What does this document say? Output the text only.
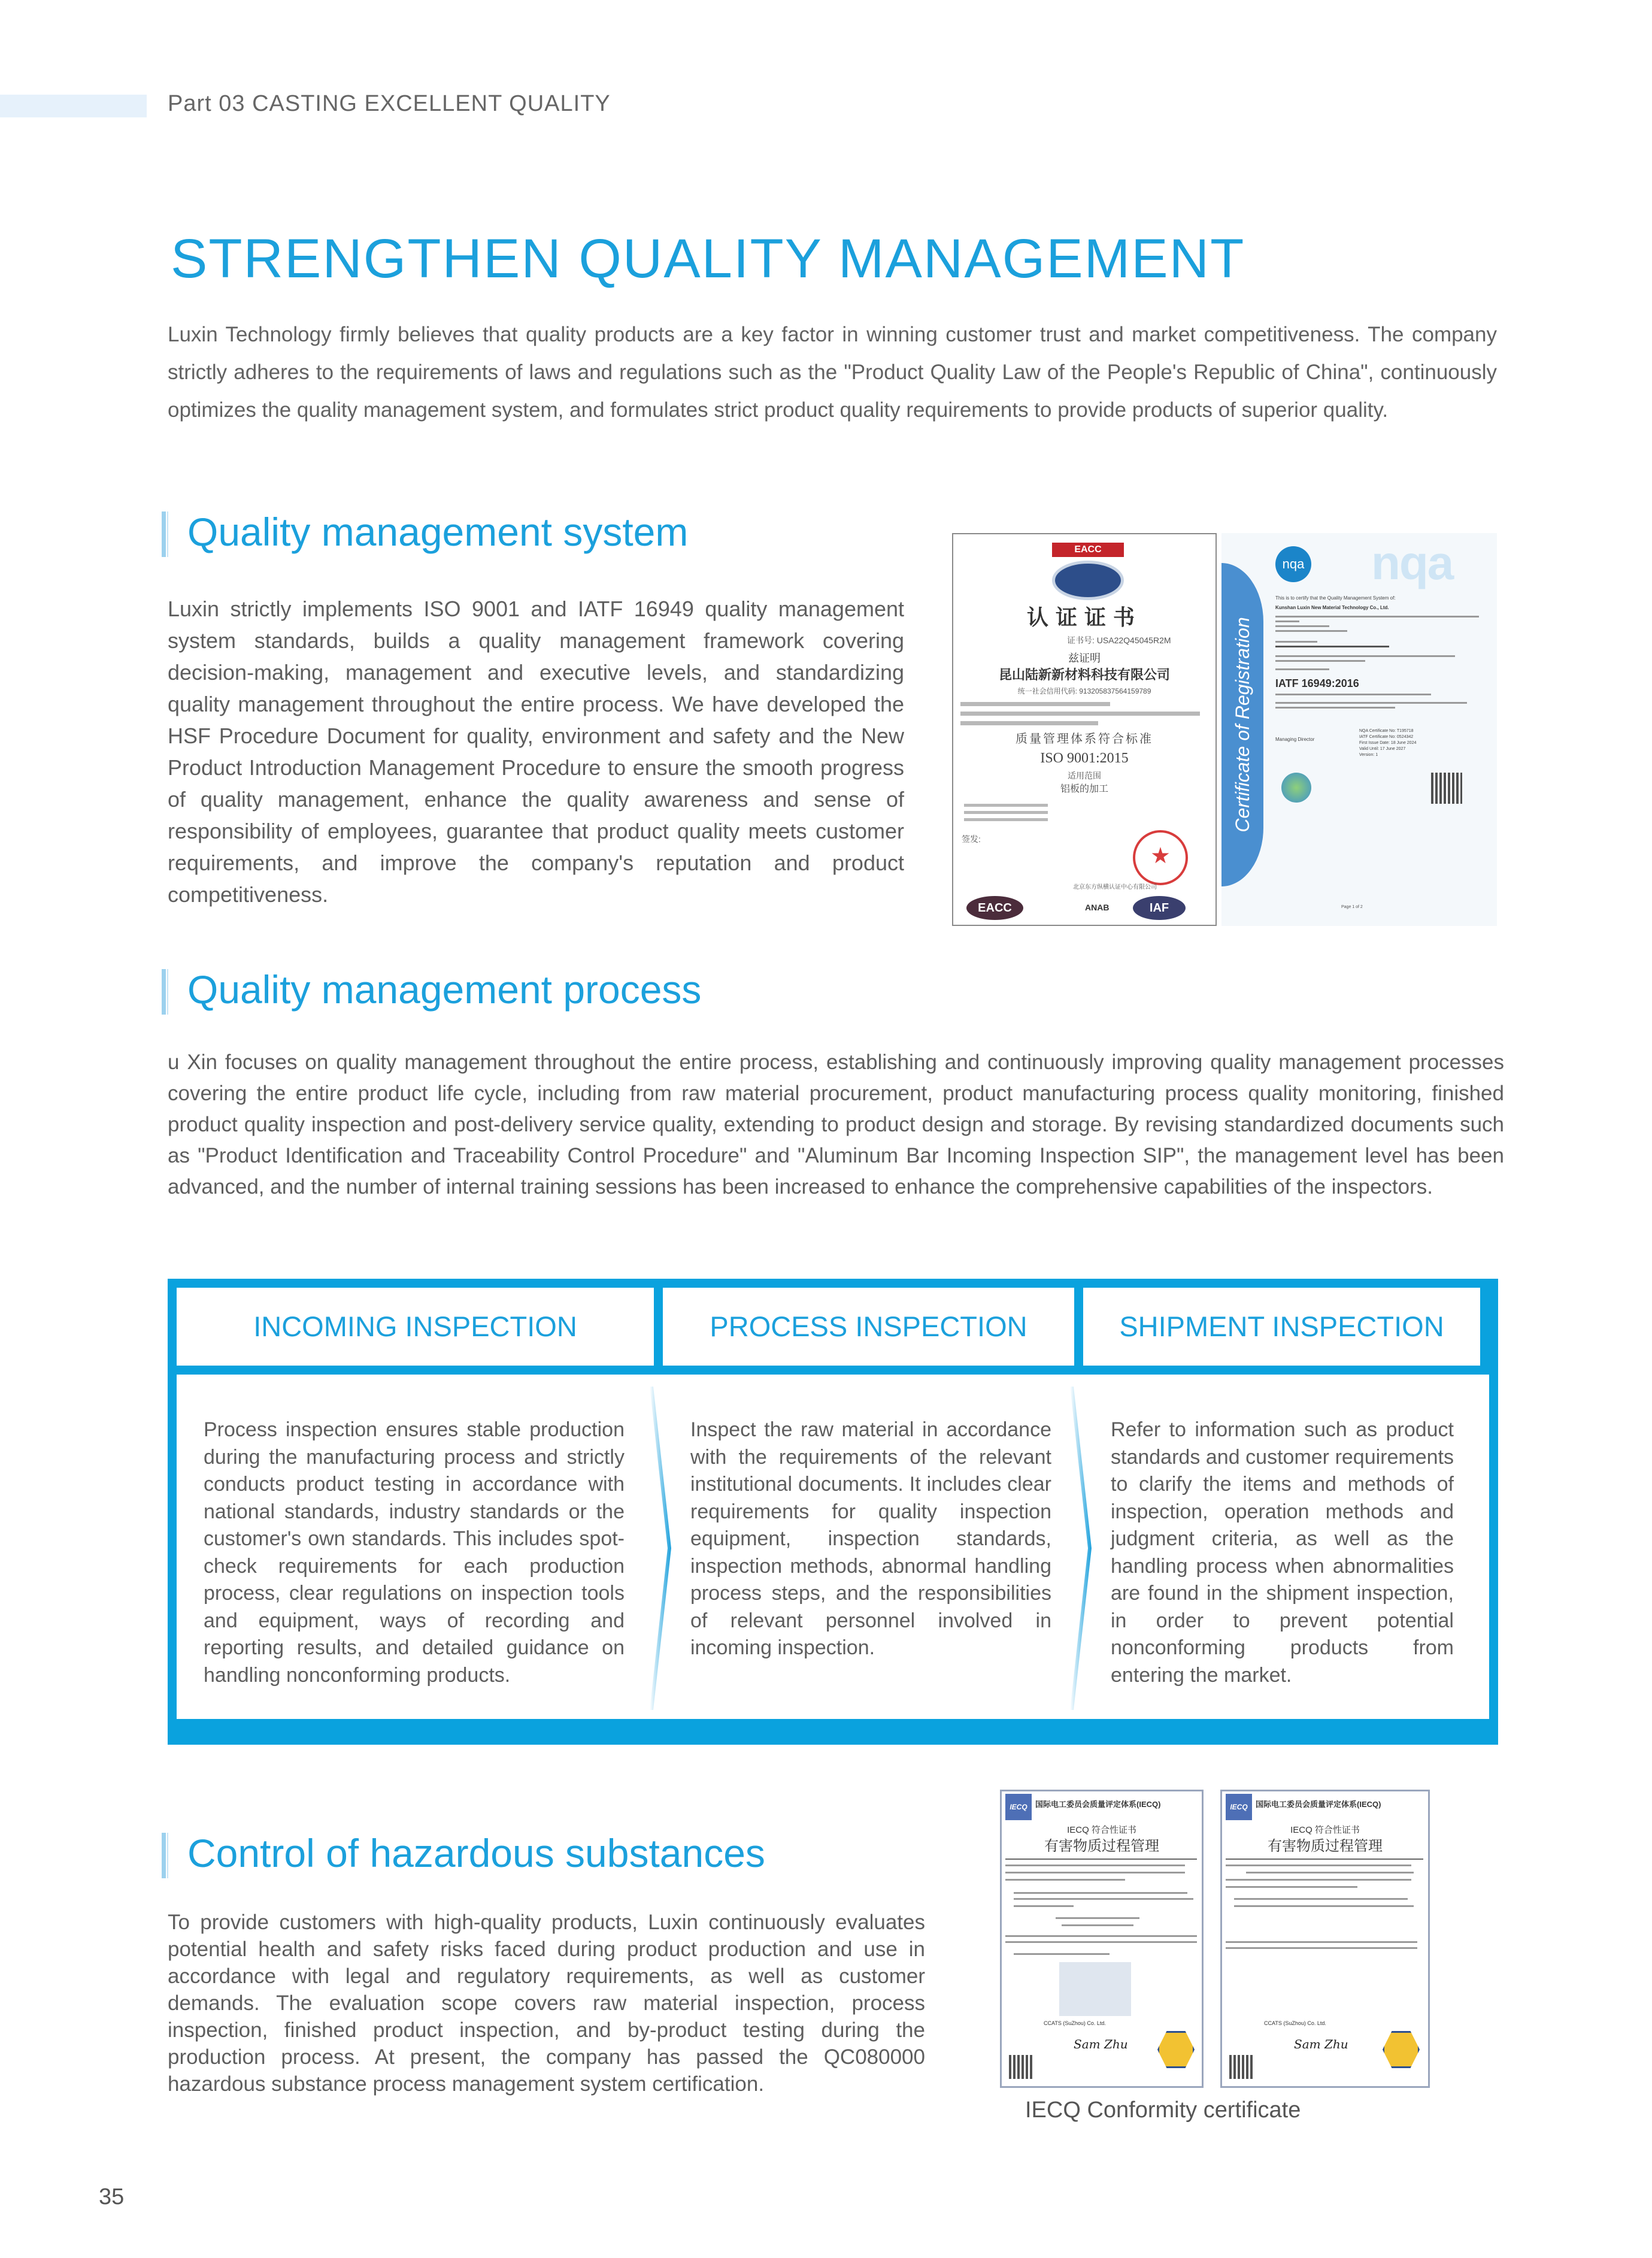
Part 03 CASTING EXCELLENT QUALITY
STRENGTHEN QUALITY MANAGEMENT

Luxin Technology firmly believes that quality products are a key factor in winning customer trust and market competitiveness. The company strictly adheres to the requirements of laws and regulations such as the "Product Quality Law of the People's Republic of China", continuously optimizes the quality management system, and formulates strict product quality requirements to provide products of superior quality.

Quality management system

Luxin strictly implements ISO 9001 and IATF 16949 quality management system standards, builds a quality management framework covering decision-making, management and executive levels, and standardizing quality management throughout the entire process. We have developed the HSF Procedure Document for quality, environment and safety and the New Product Introduction Management Procedure to ensure the smooth progress of quality management, enhance the quality awareness and sense of responsibility of employees, guarantee that product quality meets customer requirements, and improve the company's reputation and product competitiveness.

EACC
认证证书
证书号: USA22Q45045R2M
兹证明
昆山陆新新材料科技有限公司
统一社会信用代码: 91320583756415978​9
质量管理体系符合标准
ISO 9001:2015
适用范围
铝板的加工
签发:
北京东方纵横认证中心有限公司
EACC	ANAB	IAF
Certificate of Registration
nqa nqa
This is to certify that the Quality Management System of:
Kunshan Luxin New Material Technology Co., Ltd.
IATF 16949:2016
Managing Director
NQA Certificate No: T195718
IATF Certificate No: 0524342
First Issue Date: 18 June 2024
Valid Until: 17 June 2027
Version: 1
Page 1 of 2
Quality management process

u Xin focuses on quality management throughout the entire process, establishing and continuously improving quality management processes covering the entire product life cycle, including from raw material procurement, product manufacturing process quality monitoring, finished product quality inspection and post-delivery service quality, extending to product design and storage. By revising standardized documents such as "Product Identification and Traceability Control Procedure" and "Aluminum Bar Incoming Inspection SIP", the management level has been advanced, and the number of internal training sessions has been increased to enhance the comprehensive capabilities of the inspectors.

INCOMING INSPECTION	PROCESS INSPECTION	SHIPMENT INSPECTION
Process inspection ensures stable production during the manufacturing process and strictly conducts product testing in accordance with national standards, industry standards or the customer's own standards. This includes spot-check requirements for each production process, clear regulations on inspection tools and equipment, ways of recording and reporting results, and detailed guidance on handling nonconforming products.
Inspect the raw material in accordance with the requirements of the relevant institutional documents. It includes clear requirements for quality inspection equipment, inspection standards, inspection methods, abnormal handling process steps, and the responsibilities of relevant personnel involved in incoming inspection.
Refer to information such as product standards and customer requirements to clarify the items and methods of inspection, operation methods and judgment criteria, as well as the handling process when abnormalities are found in the shipment inspection, in order to prevent potential nonconforming products from entering the market.
Control of hazardous substances

To provide customers with high-quality products, Luxin continuously evaluates potential health and safety risks faced during product production and use in accordance with legal and regulatory requirements, as well as customer demands. The evaluation scope covers raw material inspection, process inspection, finished product inspection, and by-product testing during the production process. At present, the company has passed the QC080000 hazardous substance process management system certification.

IECQ	国际电工委员会质量评定体系(IECQ)
IECQ 符合性证书
有害物质过程管理
CCATS (SuZhou) Co. Ltd.
Sam Zhu
IECQ	国际电工委员会质量评定体系(IECQ)
IECQ 符合性证书
有害物质过程管理
CCATS (SuZhou) Co. Ltd.
Sam Zhu
IECQ Conformity certificate
35
